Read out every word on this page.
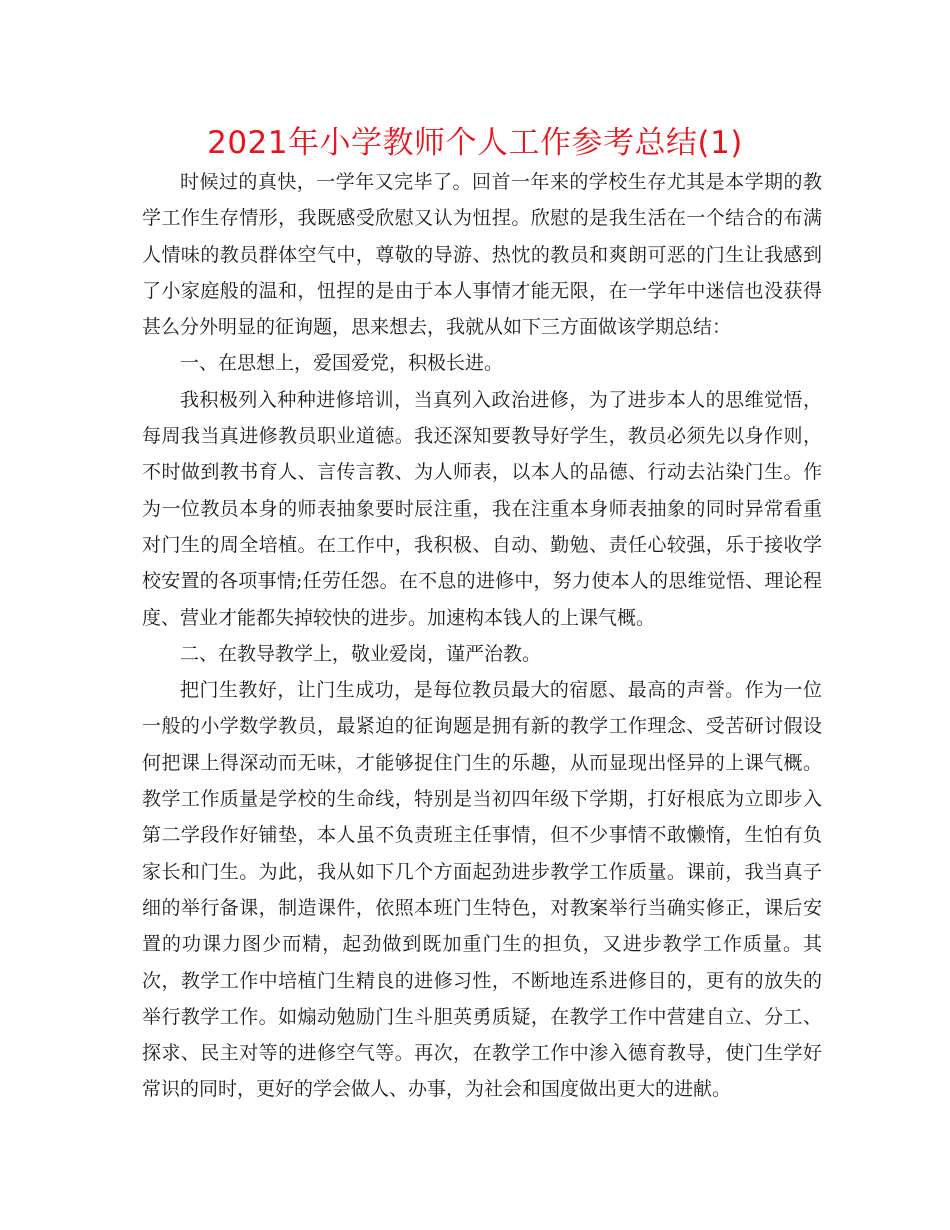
2021年小学教师个人工作参考总结(1)

时候过的真快，一学年又完毕了。回首一年来的学校生存尤其是本学期的教学工作生存情形，我既感受欣慰又认为忸捏。欣慰的是我生活在一个结合的布满人情味的教员群体空气中，尊敬的导游、热忱的教员和爽朗可恶的门生让我感到了小家庭般的温和，忸捏的是由于本人事情才能无限，在一学年中迷信也没获得甚么分外明显的征询题，思来想去，我就从如下三方面做该学期总结：

一、在思想上，爱国爱党，积极长进。

我积极列入种种进修培训，当真列入政治进修，为了进步本人的思维觉悟，每周我当真进修教员职业道德。我还深知要教导好学生，教员必须先以身作则，不时做到教书育人、言传言教、为人师表，以本人的品德、行动去沾染门生。作为一位教员本身的师表抽象要时辰注重，我在注重本身师表抽象的同时异常看重对门生的周全培植。在工作中，我积极、自动、勤勉、责任心较强，乐于接收学校安置的各项事情;任劳任怨。在不息的进修中，努力使本人的思维觉悟、理论程度、营业才能都失掉较快的进步。加速构本钱人的上课气概。

二、在教导教学上，敬业爱岗，谨严治教。

把门生教好，让门生成功，是每位教员最大的宿愿、最高的声誉。作为一位一般的小学数学教员，最紧迫的征询题是拥有新的教学工作理念、受苦研讨假设何把课上得深动而无味，才能够捉住门生的乐趣，从而显现出怪异的上课气概。教学工作质量是学校的生命线，特别是当初四年级下学期，打好根底为立即步入第二学段作好铺垫，本人虽不负责班主任事情，但不少事情不敢懒惰，生怕有负家长和门生。为此，我从如下几个方面起劲进步教学工作质量。课前，我当真子细的举行备课，制造课件，依照本班门生特色，对教案举行当确实修正，课后安置的功课力图少而精，起劲做到既加重门生的担负，又进步教学工作质量。其次，教学工作中培植门生精良的进修习性，不断地连系进修目的，更有的放失的举行教学工作。如煽动勉励门生斗胆英勇质疑，在教学工作中营建自立、分工、探求、民主对等的进修空气等。再次，在教学工作中渗入德育教导，使门生学好常识的同时，更好的学会做人、办事，为社会和国度做出更大的进献。
